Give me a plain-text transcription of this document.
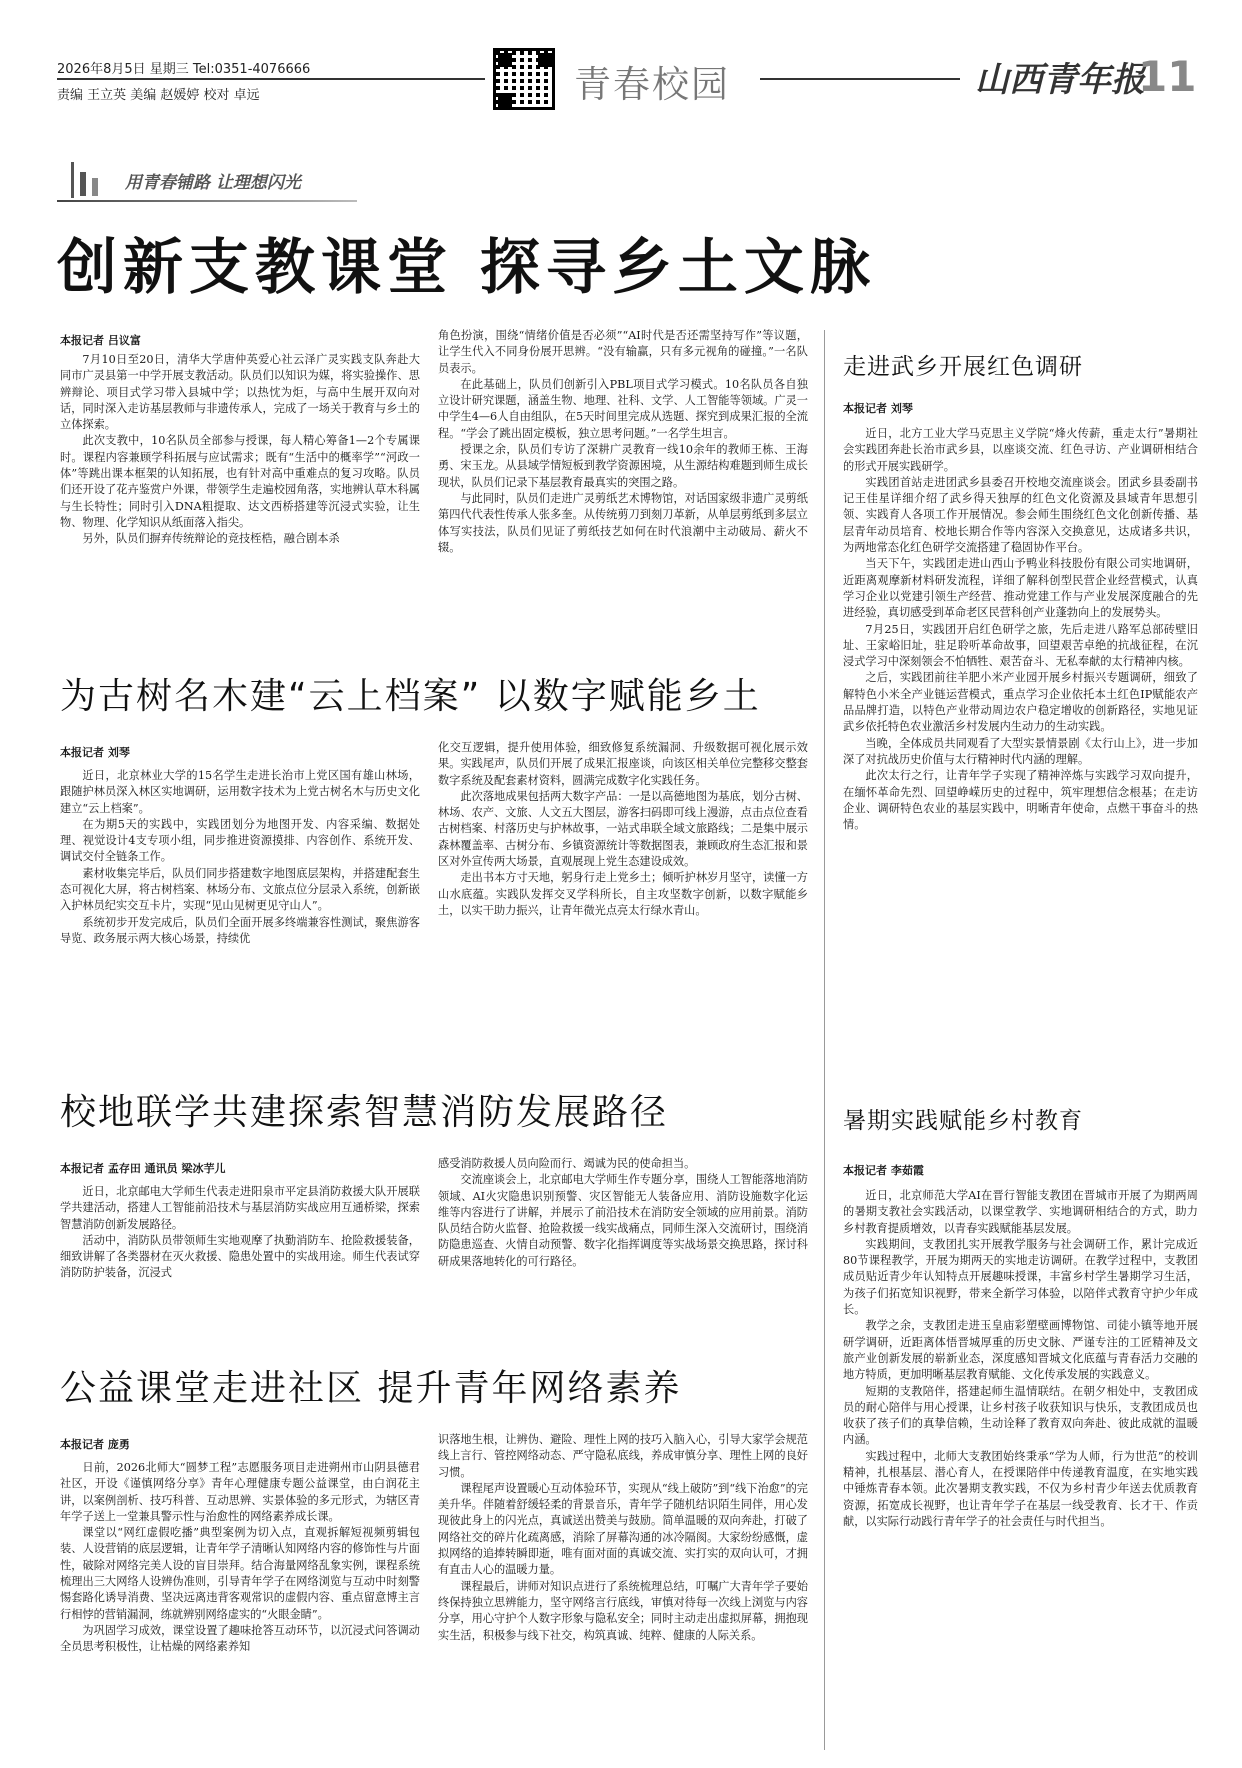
2026年8月5日 星期三 Tel:0351-4076666
责编 王立英 美编 赵媛婷 校对 卓远	青春校园	山西青年报
11
用青春铺路 让理想闪光
创新支教课堂 探寻乡土文脉
本报记者 吕议富

7月10日至20日，清华大学唐仲英爱心社云泽广灵实践支队奔赴大同市广灵县第一中学开展支教活动。队员们以知识为媒，将实验操作、思辨辩论、项目式学习带入县城中学；以热忱为炬，与高中生展开双向对话，同时深入走访基层教师与非遗传承人，完成了一场关于教育与乡土的立体探索。

此次支教中，10名队员全部参与授课，每人精心筹备1—2个专属课时。课程内容兼顾学科拓展与应试需求；既有“生活中的概率学”“河政一体”等跳出课本框架的认知拓展，也有针对高中重难点的复习攻略。队员们还开设了花卉鉴赏户外课，带领学生走遍校园角落，实地辨认草木科属与生长特性；同时引入DNA粗提取、达文西桥搭建等沉浸式实验，让生物、物理、化学知识从纸面落入指尖。

另外，队员们摒弃传统辩论的竞技桎梏，融合剧本杀

角色扮演，围绕“情绪价值是否必须”“AI时代是否还需坚持写作”等议题，让学生代入不同身份展开思辨。“没有输赢，只有多元视角的碰撞。”一名队员表示。

在此基础上，队员们创新引入PBL项目式学习模式。10名队员各自独立设计研究课题，涵盖生物、地理、社科、文学、人工智能等领域。广灵一中学生4—6人自由组队，在5天时间里完成从选题、探究到成果汇报的全流程。“学会了跳出固定模板，独立思考问题。”一名学生坦言。

授课之余，队员们专访了深耕广灵教育一线10余年的教师王栋、王海勇、宋玉龙。从县域学情短板到教学资源困境，从生源结构难题到师生成长现状，队员们记录下基层教育最真实的突围之路。

与此同时，队员们走进广灵剪纸艺术博物馆，对话国家级非遗广灵剪纸第四代代表性传承人张多奎。从传统剪刀到刻刀革新，从单层剪纸到多层立体写实技法，队员们见证了剪纸技艺如何在时代浪潮中主动破局、薪火不辍。

为古树名木建“云上档案” 以数字赋能乡土
本报记者 刘琴

近日，北京林业大学的15名学生走进长治市上党区国有雄山林场，跟随护林员深入林区实地调研，运用数字技术为上党古树名木与历史文化建立“云上档案”。

在为期5天的实践中，实践团划分为地图开发、内容采编、数据处理、视觉设计4支专项小组，同步推进资源摸排、内容创作、系统开发、调试交付全链条工作。

素材收集完毕后，队员们同步搭建数字地图底层架构，并搭建配套生态可视化大屏，将古树档案、林场分布、文旅点位分层录入系统，创新嵌入护林员纪实交互卡片，实现“见山见树更见守山人”。

系统初步开发完成后，队员们全面开展多终端兼容性测试，聚焦游客导览、政务展示两大核心场景，持续优

化交互逻辑，提升使用体验，细致修复系统漏洞、升级数据可视化展示效果。实践尾声，队员们开展了成果汇报座谈，向该区相关单位完整移交整套数字系统及配套素材资料，圆满完成数字化实践任务。

此次落地成果包括两大数字产品：一是以高德地图为基底，划分古树、林场、农产、文旅、人文五大图层，游客扫码即可线上漫游，点击点位查看古树档案、村落历史与护林故事，一站式串联全域文旅路线；二是集中展示森林覆盖率、古树分布、乡镇资源统计等数据图表，兼顾政府生态汇报和景区对外宣传两大场景，直观展现上党生态建设成效。

走出书本方寸天地，躬身行走上党乡土；倾听护林岁月坚守，读懂一方山水底蕴。实践队发挥交叉学科所长，自主攻坚数字创新，以数字赋能乡土，以实干助力振兴，让青年微光点亮太行绿水青山。

校地联学共建探索智慧消防发展路径
本报记者 孟存田 通讯员 梁冰芋儿

近日，北京邮电大学师生代表走进阳泉市平定县消防救援大队开展联学共建活动，搭建人工智能前沿技术与基层消防实战应用互通桥梁，探索智慧消防创新发展路径。

活动中，消防队员带领师生实地观摩了执勤消防车、抢险救援装备，细致讲解了各类器材在灭火救援、隐患处置中的实战用途。师生代表试穿消防防护装备，沉浸式

感受消防救援人员向险而行、竭诚为民的使命担当。

交流座谈会上，北京邮电大学师生作专题分享，围绕人工智能落地消防领域、AI火灾隐患识别预警、灾区智能无人装备应用、消防设施数字化运维等内容进行了讲解，并展示了前沿技术在消防安全领域的应用前景。消防队员结合防火监督、抢险救援一线实战痛点，同师生深入交流研讨，围绕消防隐患巡查、火情自动预警、数字化指挥调度等实战场景交换思路，探讨科研成果落地转化的可行路径。

公益课堂走进社区 提升青年网络素养
本报记者 庞勇

日前，2026北师大“圆梦工程”志愿服务项目走进朔州市山阴县德君社区，开设《谨慎网络分享》青年心理健康专题公益课堂，由白润花主讲，以案例剖析、技巧科普、互动思辨、实景体验的多元形式，为辖区青年学子送上一堂兼具警示性与治愈性的网络素养成长课。

课堂以“网红虚假吃播”典型案例为切入点，直观拆解短视频剪辑包装、人设营销的底层逻辑，让青年学子清晰认知网络内容的修饰性与片面性，破除对网络完美人设的盲目崇拜。结合海量网络乱象实例，课程系统梳理出三大网络人设辨伪准则，引导青年学子在网络浏览与互动中时刻警惕套路化诱导消费、坚决远离违背客观常识的虚假内容、重点留意博主言行相悖的营销漏洞，练就辨别网络虚实的“火眼金睛”。

为巩固学习成效，课堂设置了趣味抢答互动环节，以沉浸式问答调动全员思考积极性，让枯燥的网络素养知

识落地生根，让辨伪、避险、理性上网的技巧入脑入心，引导大家学会规范线上言行、管控网络动态、严守隐私底线，养成审慎分享、理性上网的良好习惯。

课程尾声设置暖心互动体验环节，实现从“线上破防”到“线下治愈”的完美升华。伴随着舒缓轻柔的背景音乐，青年学子随机结识陌生同伴，用心发现彼此身上的闪光点，真诚送出赞美与鼓励。简单温暖的双向奔赴，打破了网络社交的碎片化疏离感，消除了屏幕沟通的冰冷隔阂。大家纷纷感慨，虚拟网络的追捧转瞬即逝，唯有面对面的真诚交流、实打实的双向认可，才拥有直击人心的温暖力量。

课程最后，讲师对知识点进行了系统梳理总结，叮嘱广大青年学子要始终保持独立思辨能力，坚守网络言行底线，审慎对待每一次线上浏览与内容分享，用心守护个人数字形象与隐私安全；同时主动走出虚拟屏幕，拥抱现实生活，积极参与线下社交，构筑真诚、纯粹、健康的人际关系。

走进武乡开展红色调研
本报记者 刘琴

近日，北方工业大学马克思主义学院“烽火传薪，重走太行”暑期社会实践团奔赴长治市武乡县，以座谈交流、红色寻访、产业调研相结合的形式开展实践研学。

实践团首站走进团武乡县委召开校地交流座谈会。团武乡县委副书记王佳星详细介绍了武乡得天独厚的红色文化资源及县域青年思想引领、实践育人各项工作开展情况。参会师生围绕红色文化创新传播、基层青年动员培育、校地长期合作等内容深入交换意见，达成诸多共识，为两地常态化红色研学交流搭建了稳固协作平台。

当天下午，实践团走进山西山予鸭业科技股份有限公司实地调研，近距离观摩新材料研发流程，详细了解科创型民营企业经营模式，认真学习企业以党建引领生产经营、推动党建工作与产业发展深度融合的先进经验，真切感受到革命老区民营科创产业蓬勃向上的发展势头。

7月25日，实践团开启红色研学之旅，先后走进八路军总部砖壁旧址、王家峪旧址，驻足聆听革命故事，回望艰苦卓绝的抗战征程，在沉浸式学习中深刻领会不怕牺牲、艰苦奋斗、无私奉献的太行精神内核。

之后，实践团前往羊肥小米产业园开展乡村振兴专题调研，细致了解特色小米全产业链运营模式，重点学习企业依托本土红色IP赋能农产品品牌打造，以特色产业带动周边农户稳定增收的创新路径，实地见证武乡依托特色农业激活乡村发展内生动力的生动实践。

当晚，全体成员共同观看了大型实景情景剧《太行山上》，进一步加深了对抗战历史价值与太行精神时代内涵的理解。

此次太行之行，让青年学子实现了精神淬炼与实践学习双向提升，在缅怀革命先烈、回望峥嵘历史的过程中，筑牢理想信念根基；在走访企业、调研特色农业的基层实践中，明晰青年使命，点燃干事奋斗的热情。

暑期实践赋能乡村教育
本报记者 李茹霞

近日，北京师范大学AI在晋行智能支教团在晋城市开展了为期两周的暑期支教社会实践活动，以课堂教学、实地调研相结合的方式，助力乡村教育提质增效，以青春实践赋能基层发展。

实践期间，支教团扎实开展教学服务与社会调研工作，累计完成近80节课程教学，开展为期两天的实地走访调研。在教学过程中，支教团成员贴近青少年认知特点开展趣味授课，丰富乡村学生暑期学习生活，为孩子们拓宽知识视野，带来全新学习体验，以陪伴式教育守护少年成长。

教学之余，支教团走进玉皇庙彩塑壁画博物馆、司徒小镇等地开展研学调研，近距离体悟晋城厚重的历史文脉、严谨专注的工匠精神及文旅产业创新发展的崭新业态，深度感知晋城文化底蕴与青春活力交融的地方特质，更加明晰基层教育赋能、文化传承发展的实践意义。

短期的支教陪伴，搭建起师生温情联结。在朝夕相处中，支教团成员的耐心陪伴与用心授课，让乡村孩子收获知识与快乐，支教团成员也收获了孩子们的真挚信赖，生动诠释了教育双向奔赴、彼此成就的温暖内涵。

实践过程中，北师大支教团始终秉承“学为人师，行为世范”的校训精神，扎根基层、潜心育人，在授课陪伴中传递教育温度，在实地实践中锤炼青春本领。此次暑期支教实践，不仅为乡村青少年送去优质教育资源，拓宽成长视野，也让青年学子在基层一线受教育、长才干、作贡献，以实际行动践行青年学子的社会责任与时代担当。
